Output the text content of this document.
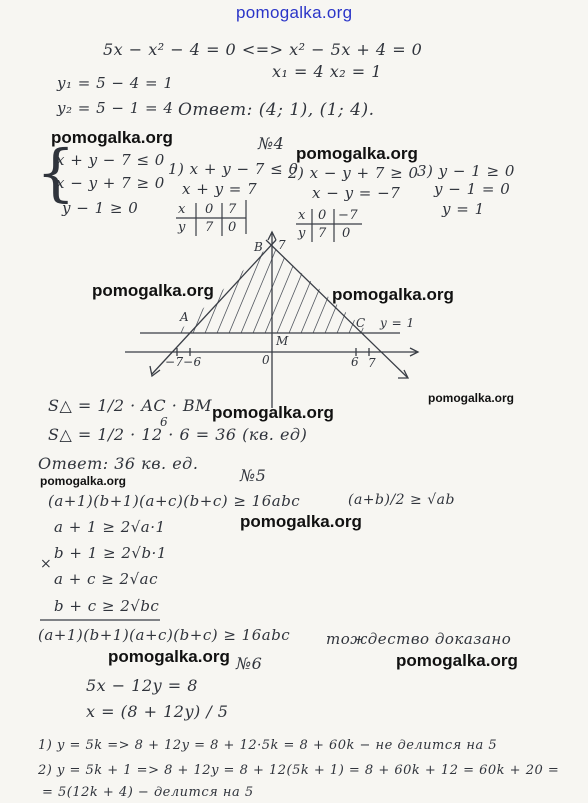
pomogalka.org
5x − x² − 4 = 0 <=> x² − 5x + 4 = 0
x₁ = 4 x₂ = 1
y₁ = 5 − 4 = 1
y₂ = 5 − 1 = 4 Ответ: (4; 1), (1; 4).
pomogalka.org	№4
pomogalka.org
{
x + y − 7 ≤ 0
x − y + 7 ≥ 0
y − 1 ≥ 0
1) x + y − 7 ≤ 0
x + y = 7
2) x − y + 7 ≥ 0
x − y = −7
3) y − 1 ≥ 0
y − 1 = 0
y = 1
x 0 7
y 7 0
x 0 −7
y 7 0
B 7
A	C y = 1
M
−7 −6	0	6 7
pomogalka.org	pomogalka.org
S△ = 1/2 · AC · BM	pomogalka.org
pomogalka.org
6
S△ = 1/2 · 12 · 6 = 36 (кв. ед)
Ответ: 36 кв. ед.
№5
pomogalka.org
(a+1)(b+1)(a+c)(b+c) ≥ 16abc	(a+b)/2 ≥ √ab
pomogalka.org
a + 1 ≥ 2√a·1
×
b + 1 ≥ 2√b·1
a + c ≥ 2√ac
b + c ≥ 2√bc
(a+1)(b+1)(a+c)(b+c) ≥ 16abc тождество доказано
pomogalka.org №6	pomogalka.org
5x − 12y = 8
x = (8 + 12y) / 5
1) y = 5k => 8 + 12y = 8 + 12·5k = 8 + 60k − не делится на 5
2) y = 5k + 1 => 8 + 12y = 8 + 12(5k + 1) = 8 + 60k + 12 = 60k + 20 =
= 5(12k + 4) − делится на 5
